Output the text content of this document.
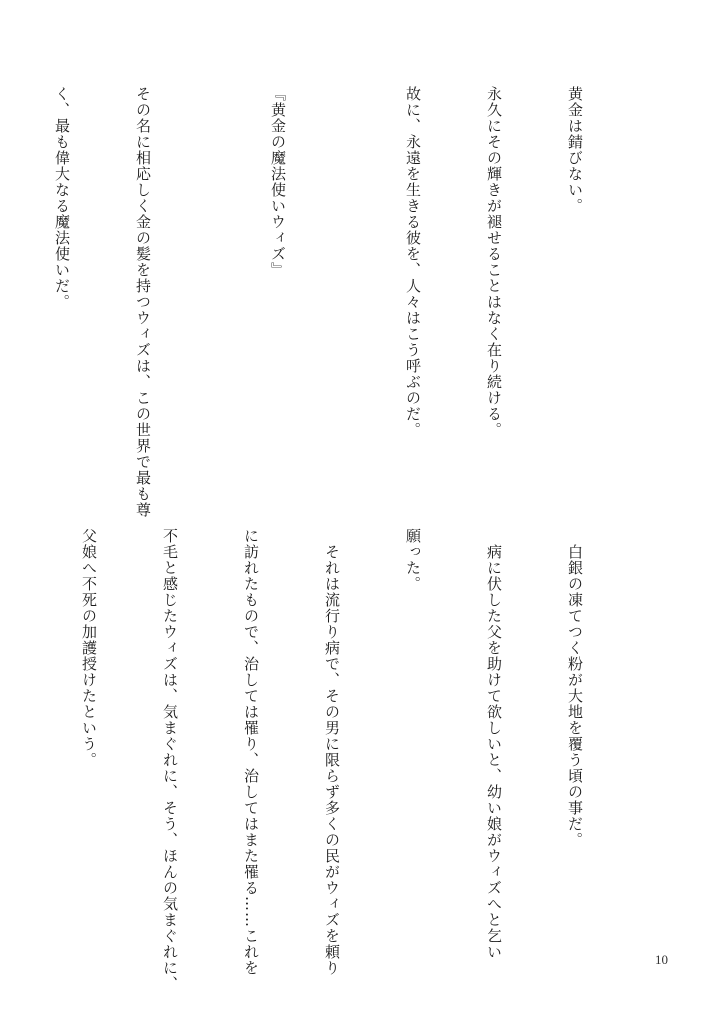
黄金は錆びない。

永久にその輝きが褪せることはなく在り続ける。

故に、永遠を生きる彼を、人々はこう呼ぶのだ。

『黄金の魔法使いウィズ』

その名に相応しく金の髪を持つウィズは、この世界で最も尊

く、最も偉大なる魔法使いだ。

　白銀の凍てつく粉が大地を覆う頃の事だ。

　病に伏した父を助けて欲しいと、幼い娘がウィズへと乞い

願った。

　それは流行り病で、その男に限らず多くの民がウィズを頼り

に訪れたもので、治しては罹り、治してはまた罹る……これを

不毛と感じたウィズは、気まぐれに、そう、ほんの気まぐれに、

父娘へ不死の加護授けたという。

10
